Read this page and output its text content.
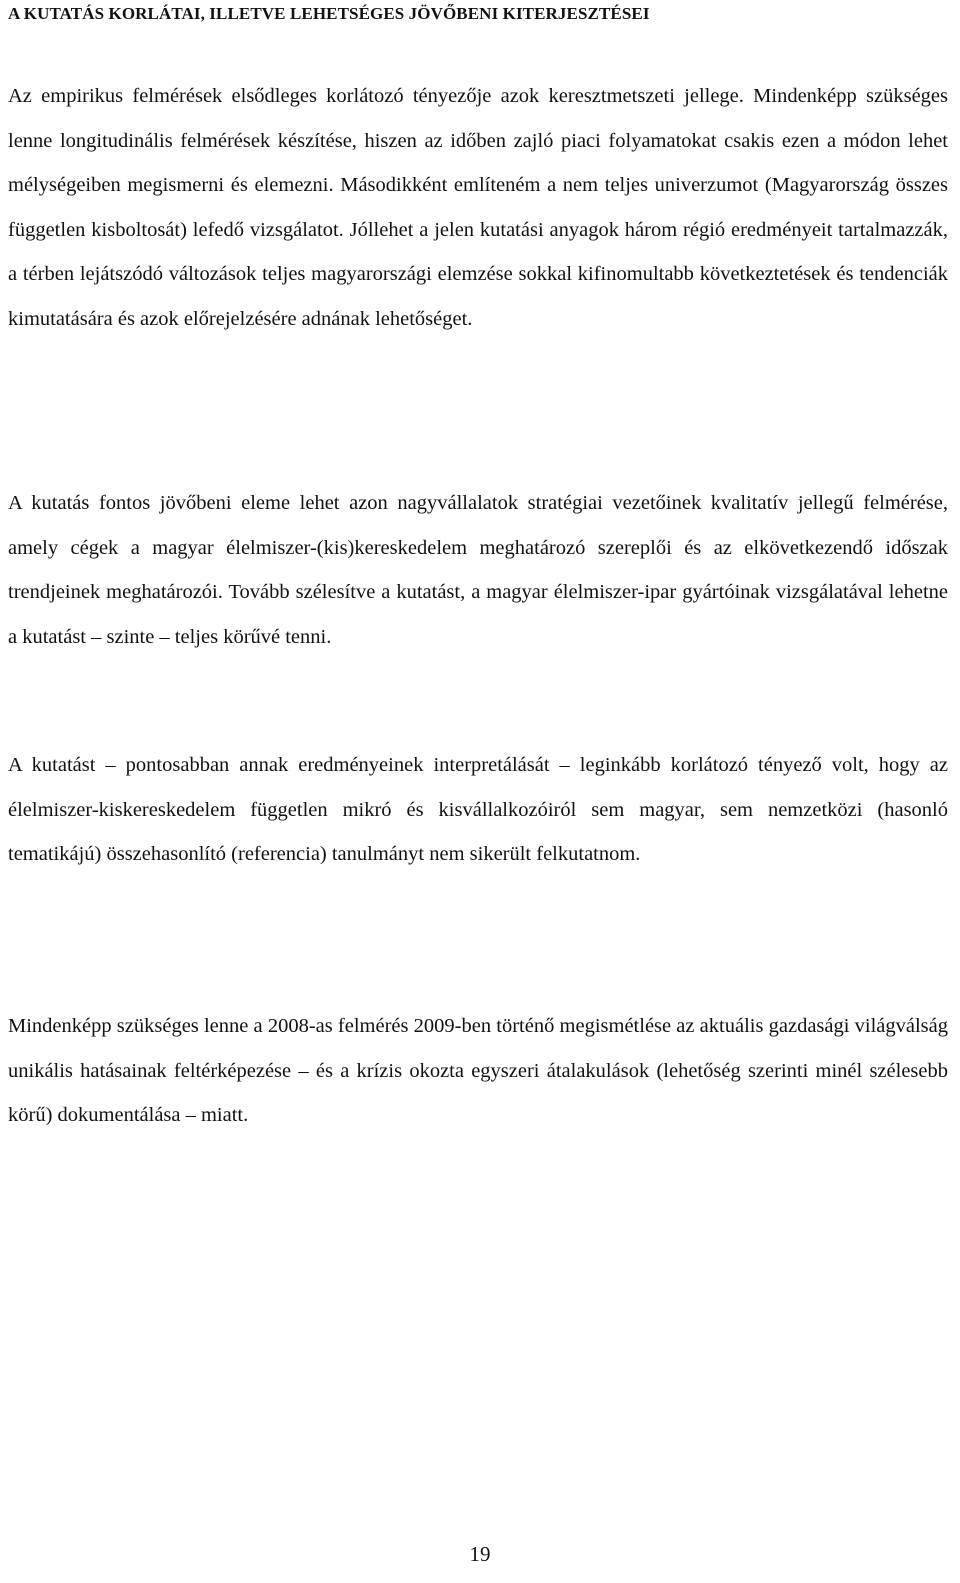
A KUTATÁS KORLÁTAI, ILLETVE LEHETSÉGES JÖVŐBENI KITERJESZTÉSEI

Az empirikus felmérések elsődleges korlátozó tényezője azok keresztmetszeti jellege. Mindenképp szükséges lenne longitudinális felmérések készítése, hiszen az időben zajló piaci folyamatokat csakis ezen a módon lehet mélységeiben megismerni és elemezni. Másodikként említeném a nem teljes univerzumot (Magyarország összes független kisboltosát) lefedő vizsgálatot. Jóllehet a jelen kutatási anyagok három régió eredményeit tartalmazzák, a térben lejátszódó változások teljes magyarországi elemzése sokkal kifinomultabb következtetések és tendenciák kimutatására és azok előrejelzésére adnának lehetőséget.

A kutatás fontos jövőbeni eleme lehet azon nagyvállalatok stratégiai vezetőinek kvalitatív jellegű felmérése, amely cégek a magyar élelmiszer-(kis)kereskedelem meghatározó szereplői és az elkövetkezendő időszak trendjeinek meghatározói. Tovább szélesítve a kutatást, a magyar élelmiszer-ipar gyártóinak vizsgálatával lehetne a kutatást – szinte – teljes körűvé tenni.

A kutatást – pontosabban annak eredményeinek interpretálását – leginkább korlátozó tényező volt, hogy az élelmiszer-kiskereskedelem független mikró és kisvállalkozóiról sem magyar, sem nemzetközi (hasonló tematikájú) összehasonlító (referencia) tanulmányt nem sikerült felkutatnom.

Mindenképp szükséges lenne a 2008-as felmérés 2009-ben történő megismétlése az aktuális gazdasági világválság unikális hatásainak feltérképezése – és a krízis okozta egyszeri átalakulások (lehetőség szerinti minél szélesebb körű) dokumentálása – miatt.

19
